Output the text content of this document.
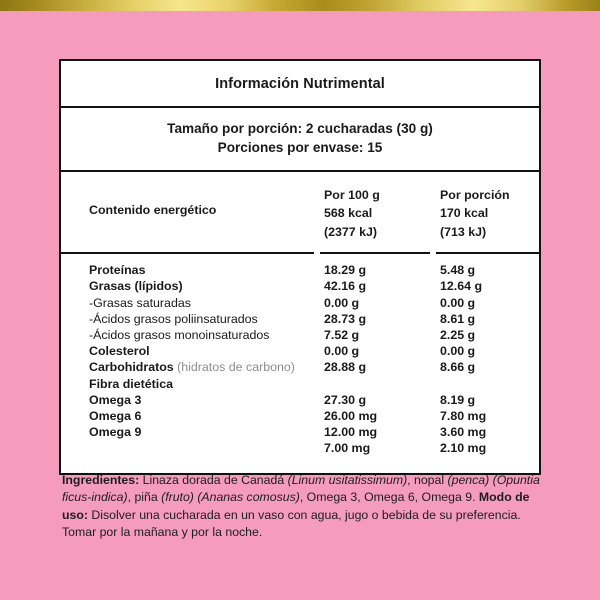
Información Nutrimental
Tamaño por porción: 2 cucharadas (30 g)
Porciones por envase: 15
Contenido energético
Por 100 g
568 kcal
(2377 kJ)
Por porción
170 kcal
(713 kJ)
Proteínas
Grasas (lípidos)
-Grasas saturadas
-Ácidos grasos poliinsaturados
-Ácidos grasos monoinsaturados
Colesterol
Carbohidratos (hidratos de carbono)
Fibra dietética
Omega 3
Omega 6
Omega 9
18.29 g
42.16 g
0.00 g
28.73 g
7.52 g
0.00 g
28.88 g

27.30 g
26.00 mg
12.00 mg
7.00 mg
5.48 g
12.64 g
0.00 g
8.61 g
2.25 g
0.00 g
8.66 g

8.19 g
7.80 mg
3.60 mg
2.10 mg
Ingredientes: Linaza dorada de Canadá (Linum usitatissimum), nopal (penca) (Opuntia ficus-indica), piña (fruto) (Ananas comosus), Omega 3, Omega 6, Omega 9. Modo de uso: Disolver una cucharada en un vaso con agua, jugo o bebida de su preferencia. Tomar por la mañana y por la noche.
